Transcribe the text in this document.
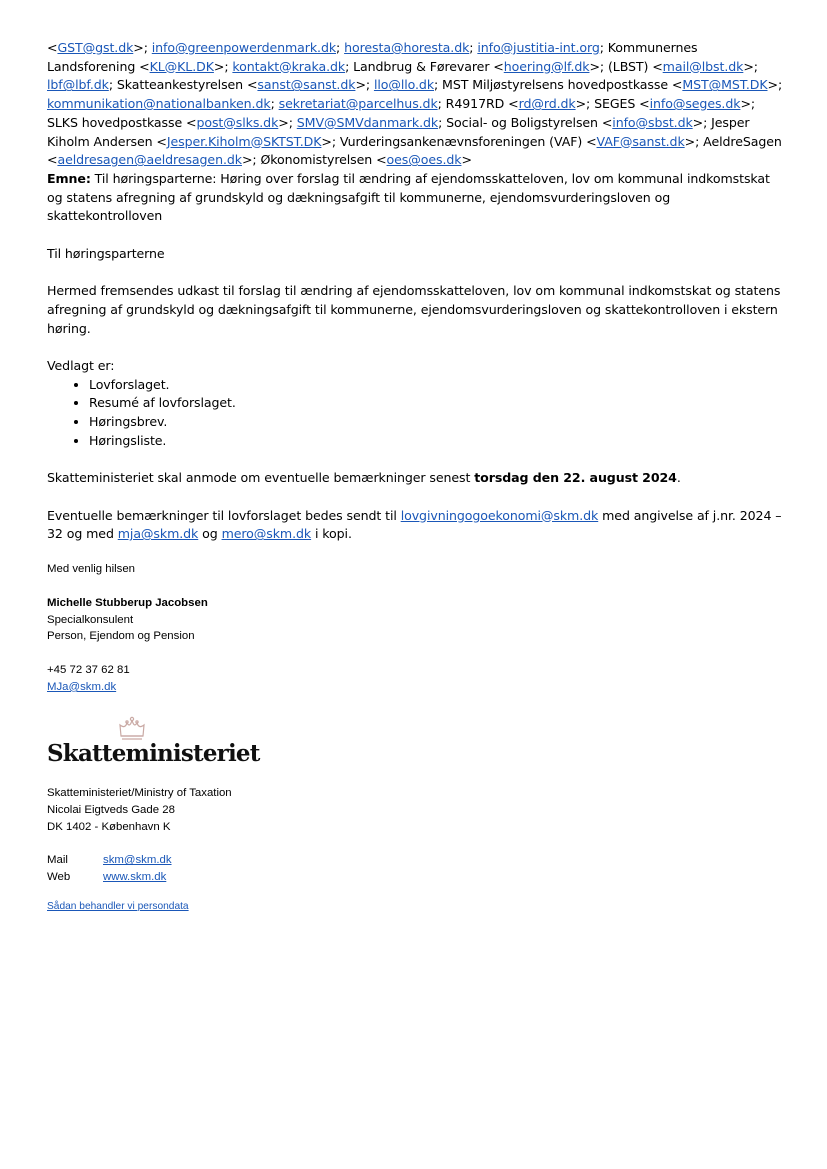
<GST@gst.dk>; info@greenpowerdenmark.dk; horesta@horesta.dk; info@justitia-int.org; Kommunernes Landsforening <KL@KL.DK>; kontakt@kraka.dk; Landbrug & Førevarer <hoering@lf.dk>; (LBST) <mail@lbst.dk>; lbf@lbf.dk; Skatteankestyrelsen <sanst@sanst.dk>; llo@llo.dk; MST Miljøstyrelsens hovedpostkasse <MST@MST.DK>; kommunikation@nationalbanken.dk; sekretariat@parcelhus.dk; R4917RD <rd@rd.dk>; SEGES <info@seges.dk>; SLKS hovedpostkasse <post@slks.dk>; SMV@SMVdanmark.dk; Social- og Boligstyrelsen <info@sbst.dk>; Jesper Kiholm Andersen <Jesper.Kiholm@SKTST.DK>; Vurderingsankenævnsforeningen (VAF) <VAF@sanst.dk>; AeldreSagen <aeldresagen@aeldresagen.dk>; Økonomistyrelsen <oes@oes.dk>

Emne: Til høringsparterne: Høring over forslag til ændring af ejendomsskatteloven, lov om kommunal indkomstskat og statens afregning af grundskyld og dækningsafgift til kommunerne, ejendomsvurderingsloven og skattekontrolloven

Til høringsparterne

Hermed fremsendes udkast til forslag til ændring af ejendomsskatteloven, lov om kommunal indkomstskat og statens afregning af grundskyld og dækningsafgift til kommunerne, ejendomsvurderingsloven og skattekontrolloven i ekstern høring.

Vedlagt er:

• Lovforslaget.
• Resumé af lovforslaget.
• Høringsbrev.
• Høringsliste.

Skatteministeriet skal anmode om eventuelle bemærkninger senest torsdag den 22. august 2024.

Eventuelle bemærkninger til lovforslaget bedes sendt til lovgivningogoekonomi@skm.dk med angivelse af j.nr. 2024 – 32 og med mja@skm.dk og mero@skm.dk i kopi.

Med venlig hilsen
Michelle Stubberup Jacobsen
Specialkonsulent
Person, Ejendom og Pension
+45 72 37 62 81
MJa@skm.dk
Skatteministeriet
Skatteministeriet/Ministry of Taxation
Nicolai Eigtveds Gade 28
DK 1402 - København K
Mail	skm@skm.dk
Web	www.skm.dk
Sådan behandler vi persondata
